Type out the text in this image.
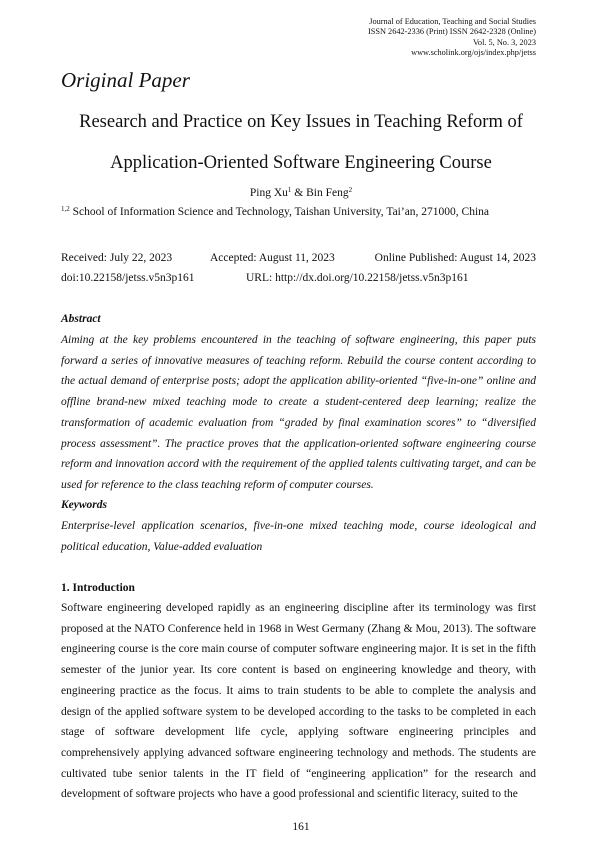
Journal of Education, Teaching and Social Studies
ISSN 2642-2336 (Print) ISSN 2642-2328 (Online)
Vol. 5, No. 3, 2023
www.scholink.org/ojs/index.php/jetss
Original Paper
Research and Practice on Key Issues in Teaching Reform of
Application-Oriented Software Engineering Course
Ping Xu$^1$ & Bin Feng$^2$
$^{1,2}$ School of Information Science and Technology, Taishan University, Tai’an, 271000, China
Received: July 22, 2023	Accepted: August 11, 2023	Online Published: August 14, 2023
doi:10.22158/jetss.v5n3p161	URL: http://dx.doi.org/10.22158/jetss.v5n3p161
Abstract

Aiming at the key problems encountered in the teaching of software engineering, this paper puts forward a series of innovative measures of teaching reform. Rebuild the course content according to the actual demand of enterprise posts; adopt the application ability-oriented “five-in-one” online and offline brand-new mixed teaching mode to create a student-centered deep learning; realize the transformation of academic evaluation from “graded by final examination scores” to “diversified process assessment”. The practice proves that the application-oriented software engineering course reform and innovation accord with the requirement of the applied talents cultivating target, and can be used for reference to the class teaching reform of computer courses.

Keywords

Enterprise-level application scenarios, five-in-one mixed teaching mode, course ideological and political education, Value-added evaluation

1. Introduction

Software engineering developed rapidly as an engineering discipline after its terminology was first proposed at the NATO Conference held in 1968 in West Germany (Zhang & Mou, 2013). The software engineering course is the core main course of computer software engineering major. It is set in the fifth semester of the junior year. Its core content is based on engineering knowledge and theory, with engineering practice as the focus. It aims to train students to be able to complete the analysis and design of the applied software system to be developed according to the tasks to be completed in each stage of software development life cycle, applying software engineering principles and comprehensively applying advanced software engineering technology and methods. The students are cultivated tube senior talents in the IT field of “engineering application” for the research and development of software projects who have a good professional and scientific literacy, suited to the

161
